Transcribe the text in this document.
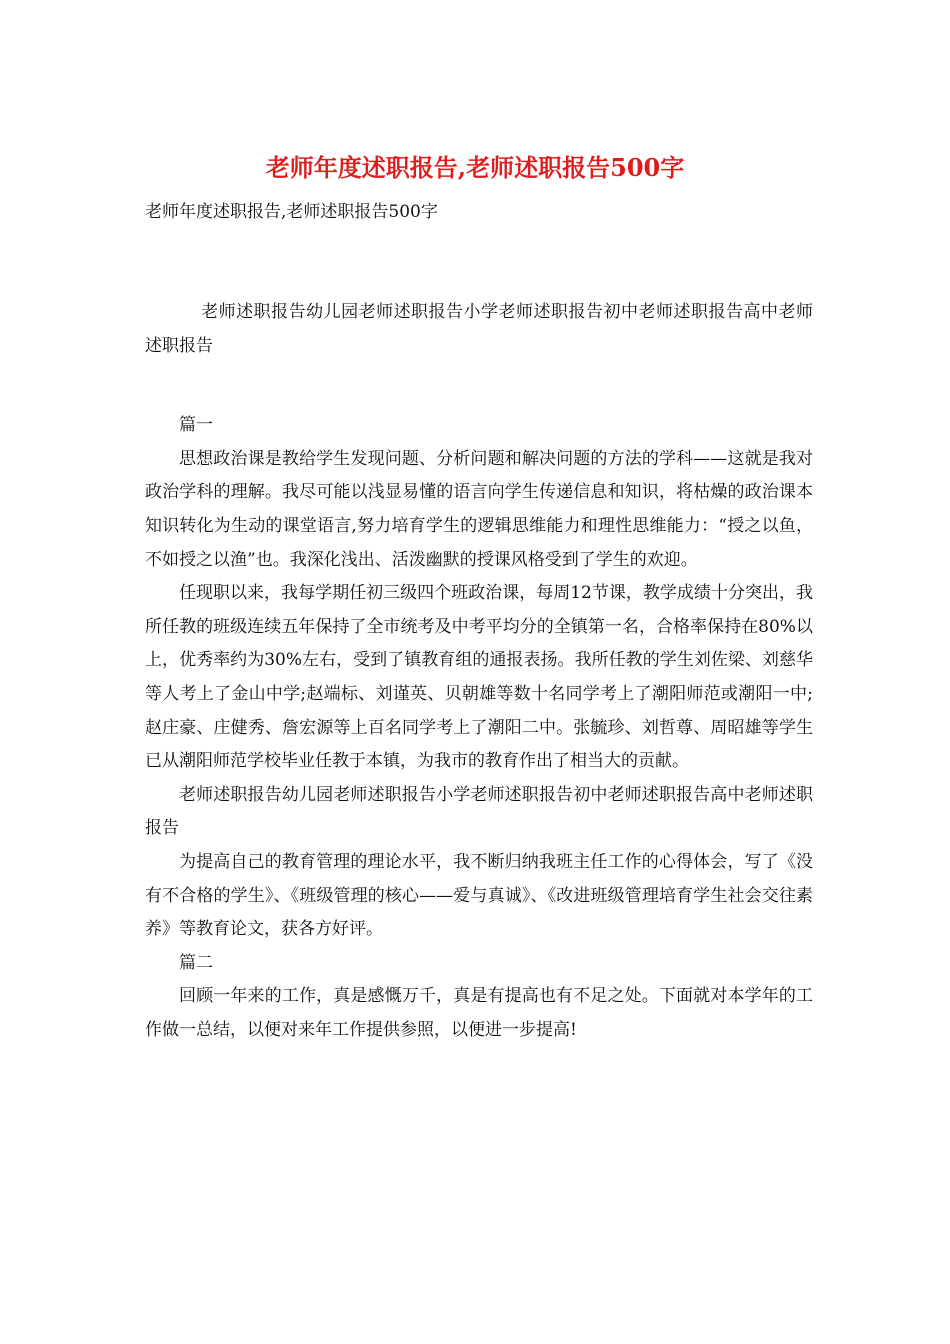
老师年度述职报告,老师述职报告500字

老师年度述职报告,老师述职报告500字

老师述职报告幼儿园老师述职报告小学老师述职报告初中老师述职报告高中老师述职报告

篇一

思想政治课是教给学生发现问题、分析问题和解决问题的方法的学科——这就是我对政治学科的理解。我尽可能以浅显易懂的语言向学生传递信息和知识，将枯燥的政治课本知识转化为生动的课堂语言,努力培育学生的逻辑思维能力和理性思维能力：“授之以鱼，不如授之以渔”也。我深化浅出、活泼幽默的授课风格受到了学生的欢迎。

任现职以来，我每学期任初三级四个班政治课，每周12节课，教学成绩十分突出，我所任教的班级连续五年保持了全市统考及中考平均分的全镇第一名，合格率保持在80%以上，优秀率约为30%左右，受到了镇教育组的通报表扬。我所任教的学生刘佐梁、刘慈华等人考上了金山中学;赵端标、刘谨英、贝朝雄等数十名同学考上了潮阳师范或潮阳一中;赵庄豪、庄健秀、詹宏源等上百名同学考上了潮阳二中。张毓珍、刘哲尊、周昭雄等学生已从潮阳师范学校毕业任教于本镇，为我市的教育作出了相当大的贡献。

老师述职报告幼儿园老师述职报告小学老师述职报告初中老师述职报告高中老师述职报告

为提高自己的教育管理的理论水平，我不断归纳我班主任工作的心得体会，写了《没有不合格的学生》、《班级管理的核心——爱与真诚》、《改进班级管理培育学生社会交往素养》等教育论文，获各方好评。

篇二

回顾一年来的工作，真是感慨万千，真是有提高也有不足之处。下面就对本学年的工作做一总结，以便对来年工作提供参照，以便进一步提高!
